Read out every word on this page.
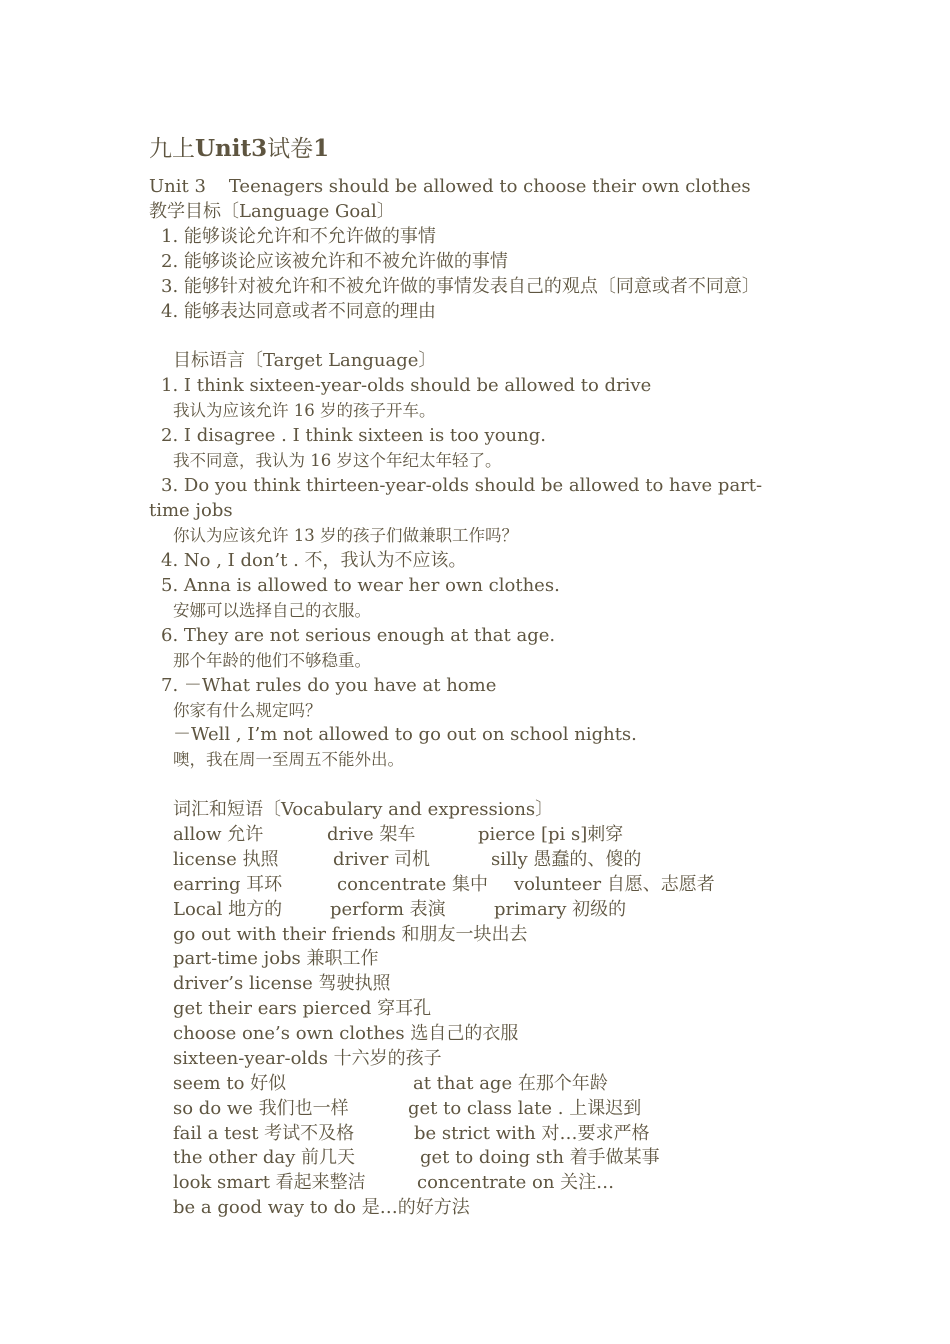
九上Unit3试卷1
Unit 3    Teenagers should be allowed to choose their own clothes
教学目标〔Language Goal〕
1. 能够谈论允许和不允许做的事情
2. 能够谈论应该被允许和不被允许做的事情
3. 能够针对被允许和不被允许做的事情发表自己的观点〔同意或者不同意〕
4. 能够表达同意或者不同意的理由
目标语言〔Target Language〕
1. I think sixteen-year-olds should be allowed to drive
我认为应该允许 16 岁的孩子开车。
2. I disagree . I think sixteen is too young.
我不同意，我认为 16 岁这个年纪太年轻了。
3. Do you think thirteen-year-olds should be allowed to have part-
time jobs
你认为应该允许 13 岁的孩子们做兼职工作吗？
4. No , I don’t . 不，我认为不应该。
5. Anna is allowed to wear her own clothes.
安娜可以选择自己的衣服。
6. They are not serious enough at that age.
那个年龄的他们不够稳重。
7. －What rules do you have at home
你家有什么规定吗？
－Well , I’m not allowed to go out on school nights.
噢，我在周一至周五不能外出。
词汇和短语〔Vocabulary and expressions〕
allow 允许	drive 架车	pierce [pi s]刺穿
license 执照	driver 司机	silly 愚蠢的、傻的
earring 耳环	concentrate 集中 volunteer 自愿、志愿者
Local 地方的	perform 表演	primary 初级的
go out with their friends 和朋友一块出去
part-time jobs 兼职工作
driver’s license 驾驶执照
get their ears pierced 穿耳孔
choose one’s own clothes 选自己的衣服
sixteen-year-olds 十六岁的孩子
seem to 好似	at that age 在那个年龄
so do we 我们也一样	get to class late . 上课迟到
fail a test 考试不及格	be strict with 对…要求严格
the other day 前几天	get to doing sth 着手做某事
look smart 看起来整洁	concentrate on 关注…
be a good way to do 是…的好方法
